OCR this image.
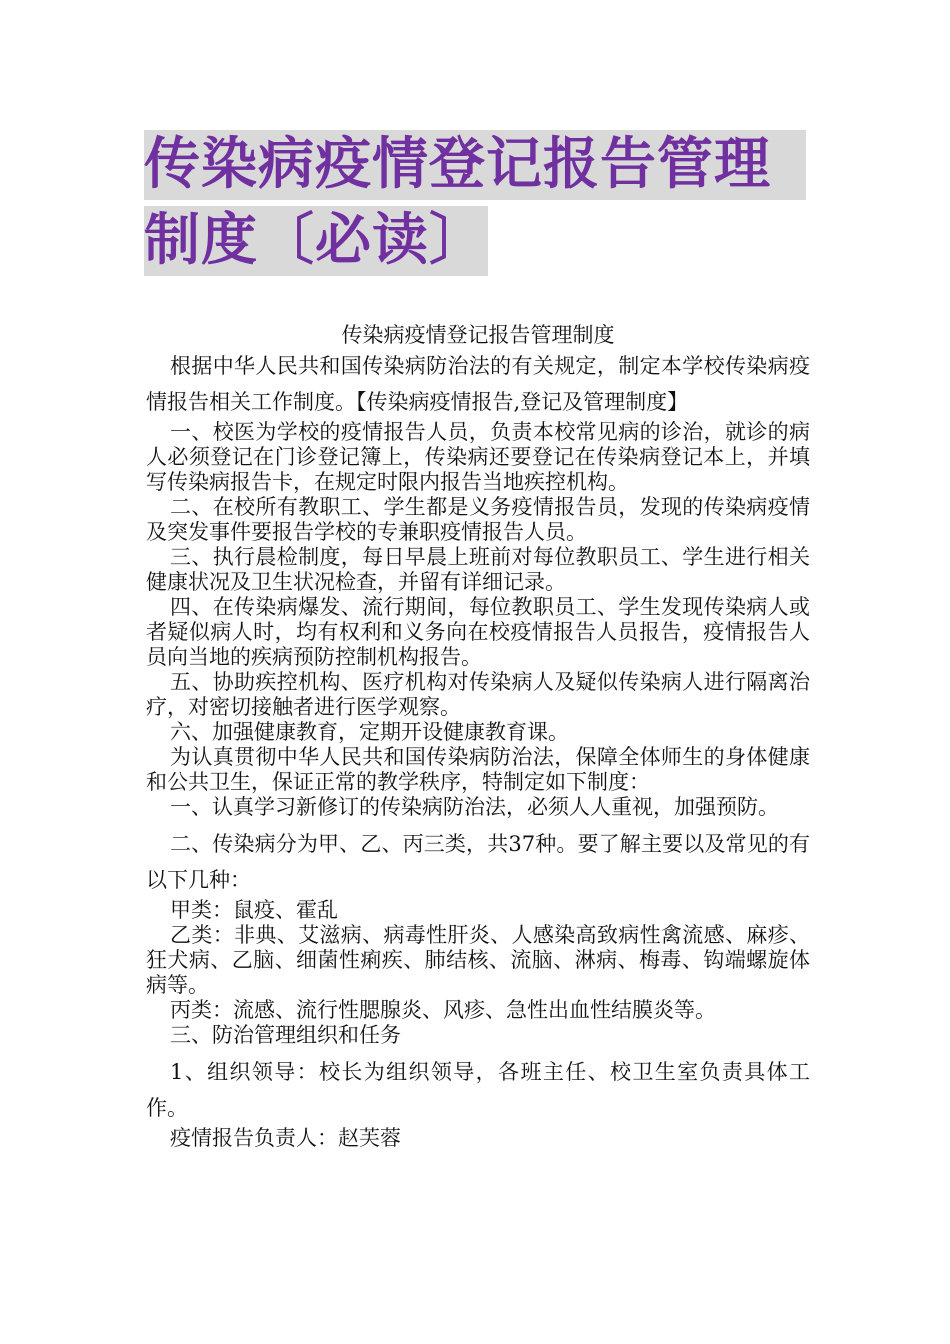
传染病疫情登记报告管理
制度〔必读〕

传染病疫情登记报告管理制度

根据中华人民共和国传染病防治法的有关规定，制定本学校传染病疫情报告相关工作制度。【传染病疫情报告,登记及管理制度】

一、校医为学校的疫情报告人员，负责本校常见病的诊治，就诊的病人必须登记在门诊登记簿上，传染病还要登记在传染病登记本上，并填写传染病报告卡，在规定时限内报告当地疾控机构。

二、在校所有教职工、学生都是义务疫情报告员，发现的传染病疫情及突发事件要报告学校的专兼职疫情报告人员。

三、执行晨检制度，每日早晨上班前对每位教职员工、学生进行相关健康状况及卫生状况检查，并留有详细记录。

四、在传染病爆发、流行期间，每位教职员工、学生发现传染病人或者疑似病人时，均有权利和义务向在校疫情报告人员报告，疫情报告人员向当地的疾病预防控制机构报告。

五、协助疾控机构、医疗机构对传染病人及疑似传染病人进行隔离治疗，对密切接触者进行医学观察。

六、加强健康教育，定期开设健康教育课。

为认真贯彻中华人民共和国传染病防治法，保障全体师生的身体健康和公共卫生，保证正常的教学秩序，特制定如下制度：

一、认真学习新修订的传染病防治法，必须人人重视，加强预防。

二、传染病分为甲、乙、丙三类，共37种。要了解主要以及常见的有以下几种：

甲类：鼠疫、霍乱

乙类：非典、艾滋病、病毒性肝炎、人感染高致病性禽流感、麻疹、狂犬病、乙脑、细菌性痢疾、肺结核、流脑、淋病、梅毒、钩端螺旋体病等。

丙类：流感、流行性腮腺炎、风疹、急性出血性结膜炎等。

三、防治管理组织和任务

1、组织领导：校长为组织领导，各班主任、校卫生室负责具体工作。

疫情报告负责人：赵芙蓉
